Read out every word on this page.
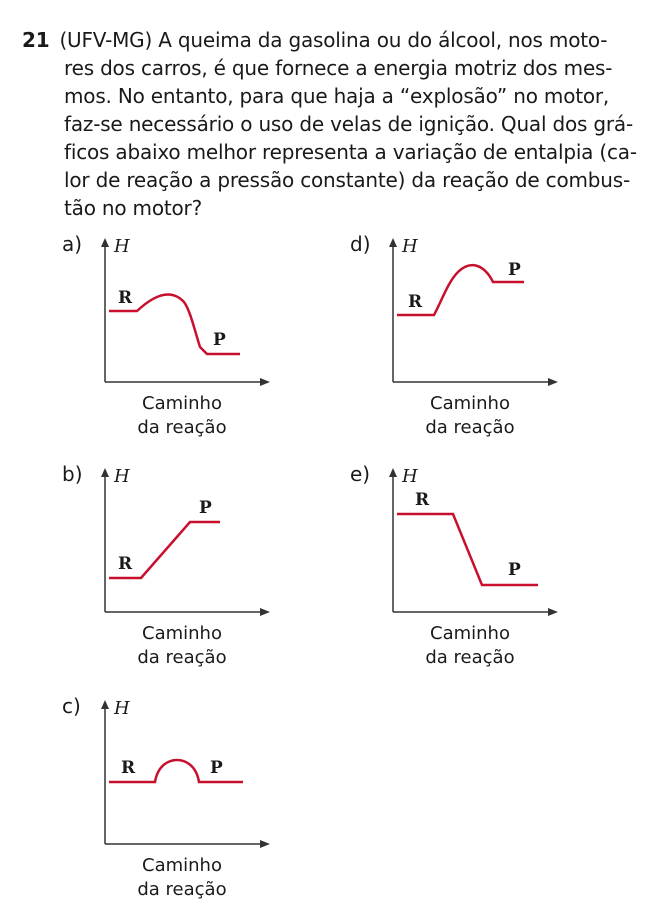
21 (UFV-MG) A queima da gasolina ou do álcool, nos moto-
res dos carros, é que fornece a energia motriz dos mes-
mos. No entanto, para que haja a “explosão” no motor,
faz-se necessário o uso de velas de ignição. Qual dos grá-
ficos abaixo melhor representa a variação de entalpia (ca-
lor de reação a pressão constante) da reação de combus-
tão no motor?
a) H
R
P
Caminho
da reação
d) H
R
P
Caminho
da reação
b) H
R
P
Caminho
da reação
e) H
R
P
Caminho
da reação
c) H
R	P
Caminho
da reação
